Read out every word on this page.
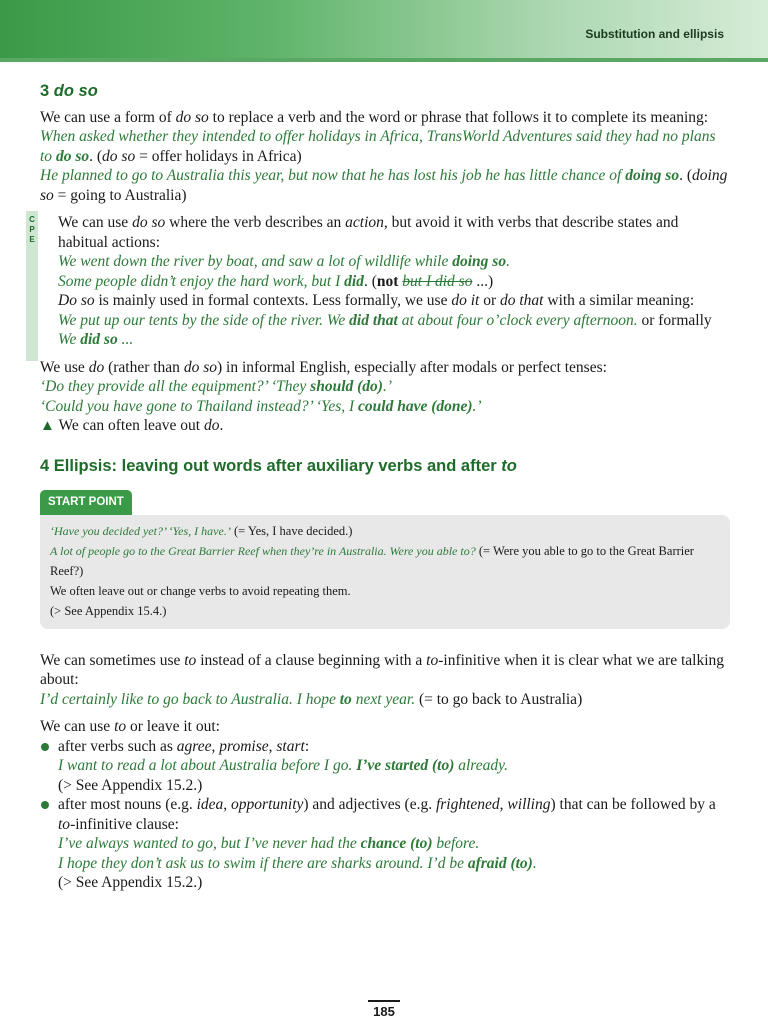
Substitution and ellipsis
3 do so

We can use a form of do so to replace a verb and the word or phrase that follows it to complete its meaning:

When asked whether they intended to offer holidays in Africa, TransWorld Adventures said they had no plans to do so. (do so = offer holidays in Africa)

He planned to go to Australia this year, but now that he has lost his job he has little chance of doing so. (doing so = going to Australia)

C
P
E

We can use do so where the verb describes an action, but avoid it with verbs that describe states and habitual actions:

We went down the river by boat, and saw a lot of wildlife while doing so.

Some people didn’t enjoy the hard work, but I did. (not but I did so ...)

Do so is mainly used in formal contexts. Less formally, we use do it or do that with a similar meaning:

We put up our tents by the side of the river. We did that at about four o’clock every afternoon. or formally We did so ...

We use do (rather than do so) in informal English, especially after modals or perfect tenses:

‘Do they provide all the equipment?’ ‘They should (do).’

‘Could you have gone to Thailand instead?’ ‘Yes, I could have (done).’

▲ We can often leave out do.

4 Ellipsis: leaving out words after auxiliary verbs and after to
START POINT
‘Have you decided yet?’ ‘Yes, I have.’ (= Yes, I have decided.)
A lot of people go to the Great Barrier Reef when they’re in Australia. Were you able to? (= Were you able to go to the Great Barrier Reef?)
We often leave out or change verbs to avoid repeating them.
(> See Appendix 15.4.)

We can sometimes use to instead of a clause beginning with a to-infinitive when it is clear what we are talking about:

I’d certainly like to go back to Australia. I hope to next year. (= to go back to Australia)

We can use to or leave it out:

after verbs such as agree, promise, start:

I want to read a lot about Australia before I go. I’ve started (to) already.

(> See Appendix 15.2.)

after most nouns (e.g. idea, opportunity) and adjectives (e.g. frightened, willing) that can be followed by a to-infinitive clause:

I’ve always wanted to go, but I’ve never had the chance (to) before.

I hope they don’t ask us to swim if there are sharks around. I’d be afraid (to).

(> See Appendix 15.2.)

185
